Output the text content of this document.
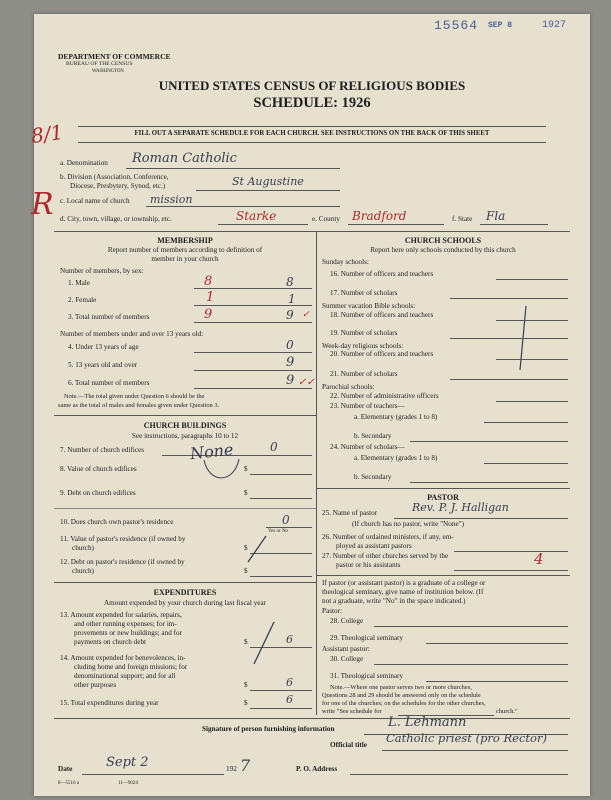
15564 SEP 8	1927
DEPARTMENT OF COMMERCE
BUREAU OF THE CENSUS
WASHINGTON
UNITED STATES CENSUS OF RELIGIOUS BODIES
SCHEDULE: 1926
FILL OUT A SEPARATE SCHEDULE FOR EACH CHURCH. SEE INSTRUCTIONS ON THE BACK OF THIS SHEET
8/1
R
a. Denomination Roman Catholic
b. Division (Association, Conference,
Diocese, Presbytery, Synod, etc.)	St Augustine
c. Local name of church mission
d. City, town, village, or township, etc.	Starke	e. County Bradford	f. State Fla
MEMBERSHIP
Report number of members according to definition of
member in your church
Number of members, by sex:
1. Male	8	8
2. Female	1	1
3. Total number of members	9	9 ✓
Number of members under and over 13 years old:
4. Under 13 years of age	0
5. 13 years old and over	9
6. Total number of members	9 ✓✓
Note.—The total given under Question 6 should be the
same as the total of males and females given under Question 3.
CHURCH BUILDINGS
See instructions, paragraphs 10 to 12
7. Number of church edifices	0
None
8. Value of church edifices	$
9. Debt on church edifices	$
10. Does church own pastor's residence	0
Yes or No
11. Value of pastor's residence (if owned by
church)	$
12. Debt on pastor's residence (if owned by
church)	$
EXPENDITURES
Amount expended by your church during last fiscal year
13. Amount expended for salaries, repairs,
and other running expenses; for im-
provements or new buildings; and for
payments on church debt	$	6
14. Amount expended for benevolences, in-
cluding home and foreign missions; for
denominational support; and for all
other purposes	$	6
15. Total expenditures during year	$	6
CHURCH SCHOOLS
Report here only schools conducted by this church
Sunday schools:
16. Number of officers and teachers
17. Number of scholars
Summer vacation Bible schools:
18. Number of officers and teachers
19. Number of scholars
Week-day religious schools:
20. Number of officers and teachers
21. Number of scholars
Parochial schools:
22. Number of administrative officers
23. Number of teachers—
a. Elementary (grades 1 to 8)
b. Secondary
24. Number of scholars—
a. Elementary (grades 1 to 8)
b. Secondary
PASTOR
25. Name of pastor	Rev. P. J. Halligan
(If church has no pastor, write "None")
26. Number of ordained ministers, if any, em-
ployed as assistant pastors
27. Number of other churches served by the
pastor or his assistants	4
If pastor (or assistant pastor) is a graduate of a college or
theological seminary, give name of institution below. (If
not a graduate, write "No" in the space indicated.)
Pastor:
28. College
29. Theological seminary
Assistant pastor:
30. College
31. Theological seminary
Note.—Where one pastor serves two or more churches,
Questions 28 and 29 should be answered only on the schedule
for one of the churches; on the schedules for the other churches,
write "See schedule for	church."
Signature of person furnishing information	L. Lehmann
Official title Catholic priest (pro Rector)
Date	Sept 2	192 7	P. O. Address
8—5516 a	11—9024
